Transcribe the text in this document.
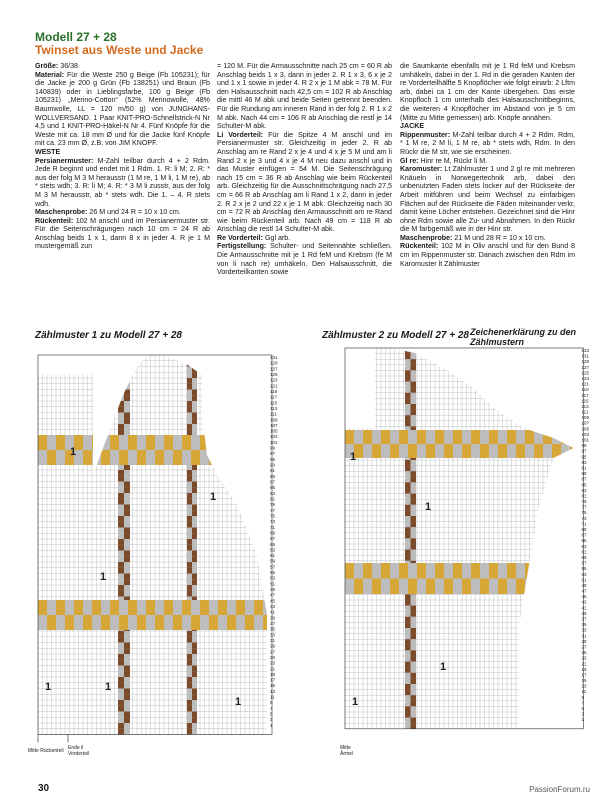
Modell 27 + 28
Twinset aus Weste und Jacke

Größe: 36/38

Material: Für die Weste 250 g Beige (Fb 105231); für die Jacke je 200 g Grün (Fb 138251) und Braun (Fb 140839) oder in Lieblingsfarbe, 100 g Beige (Fb 105231) „Merino-Cotton“ (52% Merinowolle, 48% Baumwolle, LL = 120 m/50 g) von JUNGHANS-WOLLVERSAND. 1 Paar KNIT-PRO-Schnellstrick-N Nr 4,5 und 1 KNIT-PRO-Häkel-N Nr 4. Fünf Knöpfe für die Weste mit ca. 18 mm Ø und für die Jacke fünf Knöpfe mit ca. 23 mm Ø, z.B. von JIM KNOPF.

WESTE

Persianermuster: M-Zahl teilbar durch 4 + 2 Rdm. Jede R beginnt und endet mit 1 Rdm. 1. R: li M; 2. R: * aus der folg M 3 M herausstr (1 M re, 1 M li, 1 M re), ab * stets wdh; 3. R: li M; 4. R: * 3 M li zusstr, aus der folg M 3 M herausstr, ab * stets wdh. Die 1. – 4. R stets wdh.

Maschenprobe: 26 M und 24 R = 10 x 10 cm.

Rückenteil: 102 M anschl und im Persianermuster str. Für die Seitenschrägungen nach 10 cm = 24 R ab Anschlag beids 1 x 1, dann 8 x in jeder 4. R je 1 M mustergemäß zun

= 120 M. Für die Armausschnitte nach 25 cm = 60 R ab Anschlag beids 1 x 3, dann in jeder 2. R 1 x 3, 6 x je 2 und 1 x 1 sowie in jeder 4. R 2 x je 1 M abk = 78 M. Für den Halsausschnitt nach 42,5 cm = 102 R ab Anschlag die mittl 46 M abk und beide Seiten getrennt beenden. Für die Rundung am inneren Rand in der folg 2. R 1 x 2 M abk. Nach 44 cm = 106 R ab Anschlag die restl je 14 Schulter-M abk.

Li Vorderteil: Für die Spitze 4 M anschl und im Persianermuster str. Gleichzeitig in jeder 2. R ab Anschlag am re Rand 2 x je 4 und 4 x je 5 M und am li Rand 2 x je 3 und 4 x je 4 M neu dazu anschl und in das Muster einfügen = 54 M. Die Seitenschrägung nach 15 cm = 36 R ab Anschlag wie beim Rückenteil arb. Gleichzeitig für die Ausschnittschrägung nach 27,5 cm = 66 R ab Anschlag am li Rand 1 x 2, dann in jeder 2. R 2 x je 2 und 22 x je 1 M abk. Gleichzeitig nach 30 cm = 72 R ab Anschlag den Armausschnitt am re Rand wie beim Rückenteil arb. Nach 49 cm = 118 R ab Anschlag die restl 14 Schulter-M abk.

Re Vorderteil: Ggl arb.

Fertigstellung: Schulter- und Seitennähte schließen. Die Armausschnitte mit je 1 Rd feM und Krebsm (fe M von li nach re) umhäkeln. Den Halsausschnitt, die Vorderteilkanten sowie

die Saumkante ebenfalls mit je 1 Rd feM und Krebsm umhäkeln, dabei in der 1. Rd in die geraden Kanten der re Vorderteilhälfte 5 Knopflöcher wie folgt einarb: 2 Lftm arb, dabei ca 1 cm der Kante übergehen. Das erste Knopfloch 1 cm unterhalb des Halsausschnittbeginns, die weiteren 4 Knopflöcher im Abstand von je 5 cm (Mitte zu Mitte gemessen) arb. Knöpfe annähen.

JACKE

Rippenmuster: M-Zahl teilbar durch 4 + 2 Rdm. Rdm, * 1 M re, 2 M li, 1 M re, ab * stets wdh, Rdm. In den Rückr die M str, wie sie erscheinen.

Gl re: Hinr re M, Rückr li M.

Karomuster: Lt Zählmuster 1 und 2 gl re mit mehreren Knäueln in Norwegertechnik arb, dabei den unbenutzten Faden stets locker auf der Rückseite der Arbeit mitführen und beim Wechsel zu einfarbigen Flächen auf der Rückseite die Fäden miteinander verkr, damit keine Löcher entstehen. Gezeichnet sind die Hinr ohne Rdm sowie alle Zu- und Abnahmen. In den Rückr die M farbgemäß wie in der Hinr str.

Maschenprobe: 21 M und 28 R = 10 x 10 cm.

Rückenteil: 102 M in Oliv anschl und für den Bund 8 cm im Rippenmuster str. Danach zwischen den Rdm im Karomuster lt Zählmuster

Zählmuster 1 zu Modell 27 + 28	Zählmuster 2 zu Modell 27 + 28 Zeichenerklärung zu den Zählmustern
131
129
127
125
123
121
119
117
115
113
111
109
107
105
103
101
99
97
95
93
91
89
87
85
83
81
79
77
75
73
71
69
67
65
63
61
59
57
55
53
51
49
47
45
43
41
39
37
35
33
31
29
27
25
23
21
19
17
15
13
11
9
7
5
3
1
1
1
1	1
1
1
133
131
129
127
125
123
121
119
117
115
113
111
109
107
105
103
101
99
97
95
93
91
89
87
85
83
81
79
77
75
73
71
69
67
65
63
61
59
57
55
53
51
49
47
45
43
41
39
37
35
33
31
29
27
25
23
21
19
17
15
13
11
9
7
5
3
1
1
1
1
1
Mitte Rückenteil Ende li Vorderteil
Mitte Ärmel
30	PassionForum.ru
